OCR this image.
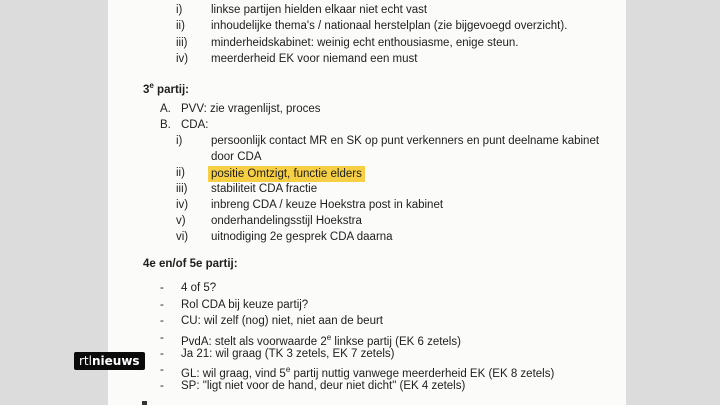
i) linkse partijen hielden elkaar niet echt vast
ii) inhoudelijke thema's / nationaal herstelplan (zie bijgevoegd overzicht).
iii) minderheidskabinet: weinig echt enthousiasme, enige steun.
iv) meerderheid EK voor niemand een must
3e partij:
A. PVV: zie vragenlijst, proces
B. CDA:
i) persoonlijk contact MR en SK op punt verkenners en punt deelname kabinet
door CDA
ii) positie Omtzigt, functie elders
iii) stabiliteit CDA fractie
iv) inbreng CDA / keuze Hoekstra post in kabinet
v) onderhandelingsstijl Hoekstra
vi) uitnodiging 2e gesprek CDA daarna
4e en/of 5e partij:
- 4 of 5?
- Rol CDA bij keuze partij?
- CU: wil zelf (nog) niet, niet aan de beurt
- PvdA: stelt als voorwaarde 2e linkse partij (EK 6 zetels)
- Ja 21: wil graag (TK 3 zetels, EK 7 zetels)
- GL: wil graag, vind 5e partij nuttig vanwege meerderheid EK (EK 8 zetels)
- SP: "ligt niet voor de hand, deur niet dicht" (EK 4 zetels)
rtl nieuws
